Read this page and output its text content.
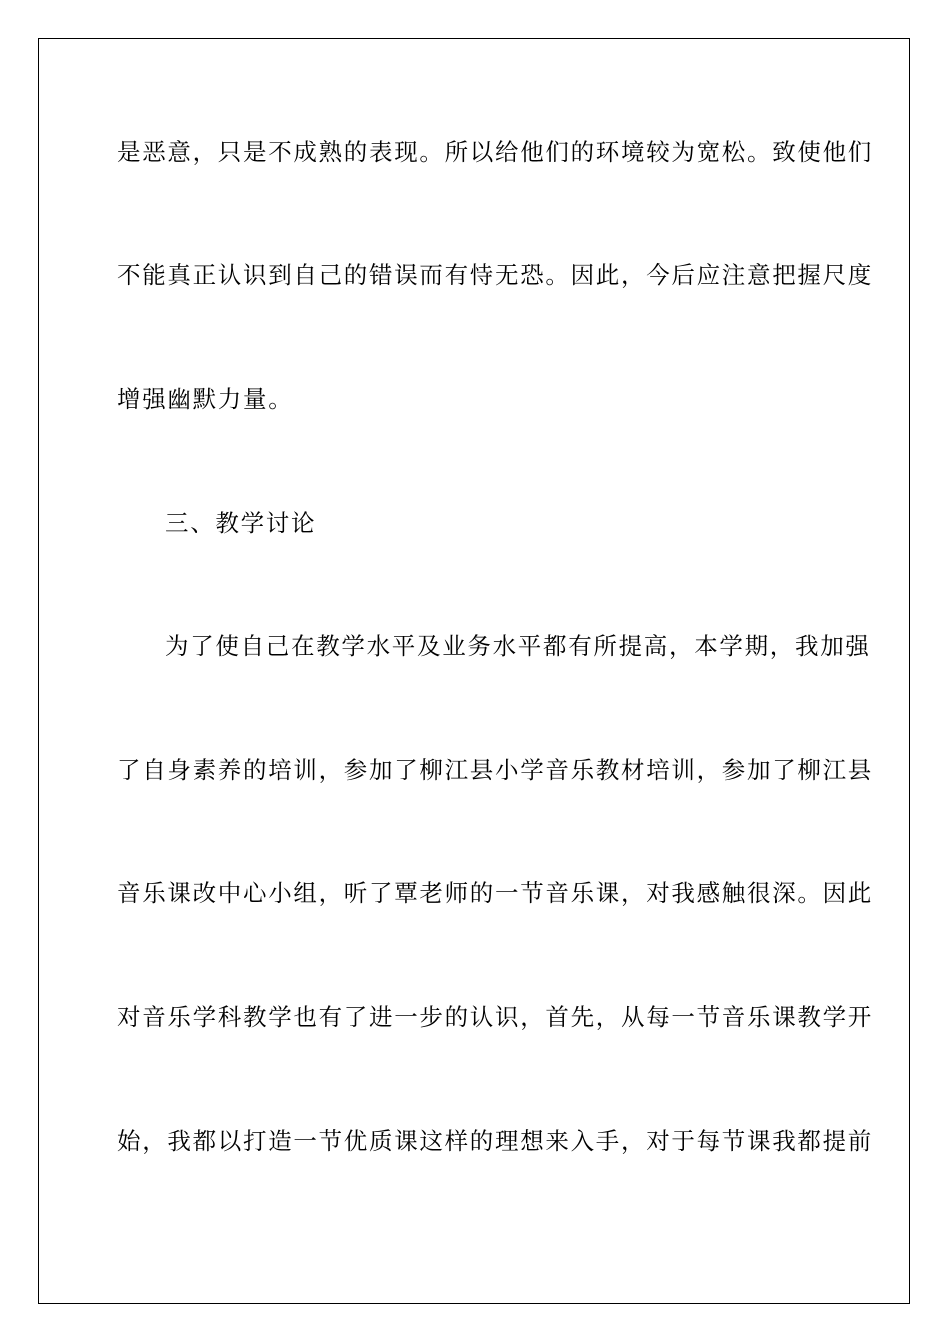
是恶意，只是不成熟的表现。所以给他们的环境较为宽松。致使他们
不能真正认识到自己的错误而有恃无恐。因此，今后应注意把握尺度
增强幽默力量。
三、教学讨论
为了使自己在教学水平及业务水平都有所提高，本学期，我加强
了自身素养的培训，参加了柳江县小学音乐教材培训，参加了柳江县
音乐课改中心小组，听了覃老师的一节音乐课，对我感触很深。因此
对音乐学科教学也有了进一步的认识，首先，从每一节音乐课教学开
始，我都以打造一节优质课这样的理想来入手，对于每节课我都提前
